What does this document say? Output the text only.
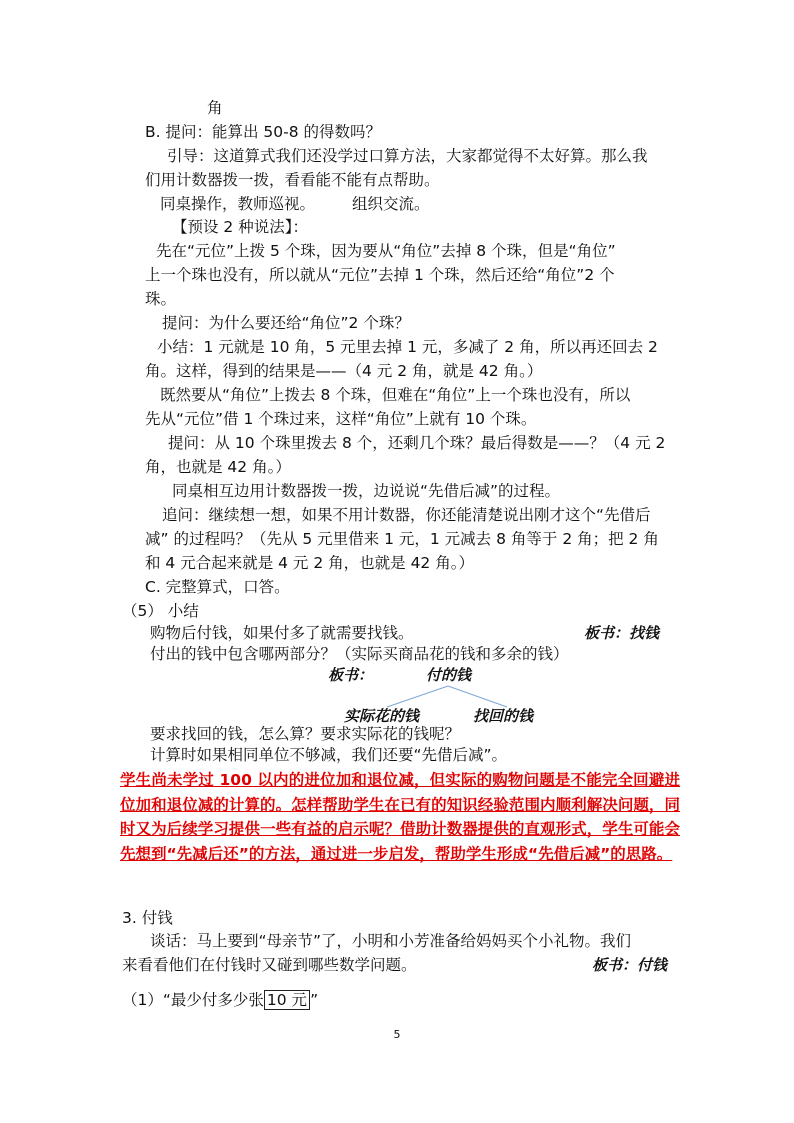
角
B. 提问：能算出 50-8 的得数吗？
引导：这道算式我们还没学过口算方法，大家都觉得不太好算。那么我
们用计数器拨一拨，看看能不能有点帮助。
同桌操作，教师巡视。 组织交流。
【预设 2 种说法】：
先在“元位”上拨 5 个珠，因为要从“角位”去掉 8 个珠，但是“角位”
上一个珠也没有，所以就从“元位”去掉 1 个珠，然后还给“角位”2 个
珠。
提问：为什么要还给“角位”2 个珠？
小结：1 元就是 10 角，5 元里去掉 1 元，多减了 2 角，所以再还回去 2
角。这样，得到的结果是——（4 元 2 角，就是 42 角。）
既然要从“角位”上拨去 8 个珠，但难在“角位”上一个珠也没有，所以
先从“元位”借 1 个珠过来，这样“角位”上就有 10 个珠。
提问：从 10 个珠里拨去 8 个，还剩几个珠？最后得数是——？（4 元 2
角，也就是 42 角。）
同桌相互边用计数器拨一拨，边说说“先借后减”的过程。
追问：继续想一想，如果不用计数器，你还能清楚说出刚才这个“先借后
减” 的过程吗？（先从 5 元里借来 1 元，1 元减去 8 角等于 2 角；把 2 角
和 4 元合起来就是 4 元 2 角，也就是 42 角。）
C. 完整算式，口答。
（5） 小结
购物后付钱，如果付多了就需要找钱。	板书：找钱
付出的钱中包含哪两部分？（实际买商品花的钱和多余的钱）
板书：	付的钱
实际花的钱	找回的钱
要求找回的钱，怎么算？要求实际花的钱呢？
计算时如果相同单位不够减，我们还要“先借后减”。
学生尚未学过 100 以内的进位加和退位减，但实际的购物问题是不能完全回避进位加和退位减的计算的。怎样帮助学生在已有的知识经验范围内顺利解决问题，同时又为后续学习提供一些有益的启示呢？借助计数器提供的直观形式，学生可能会先想到“先减后还”的方法，通过进一步启发，帮助学生形成“先借后减”的思路。
3. 付钱
谈话：马上要到“母亲节”了，小明和小芳准备给妈妈买个小礼物。我们
来看看他们在付钱时又碰到哪些数学问题。	板书：付钱
（1）“最少付多少张 10 元 ”
5
